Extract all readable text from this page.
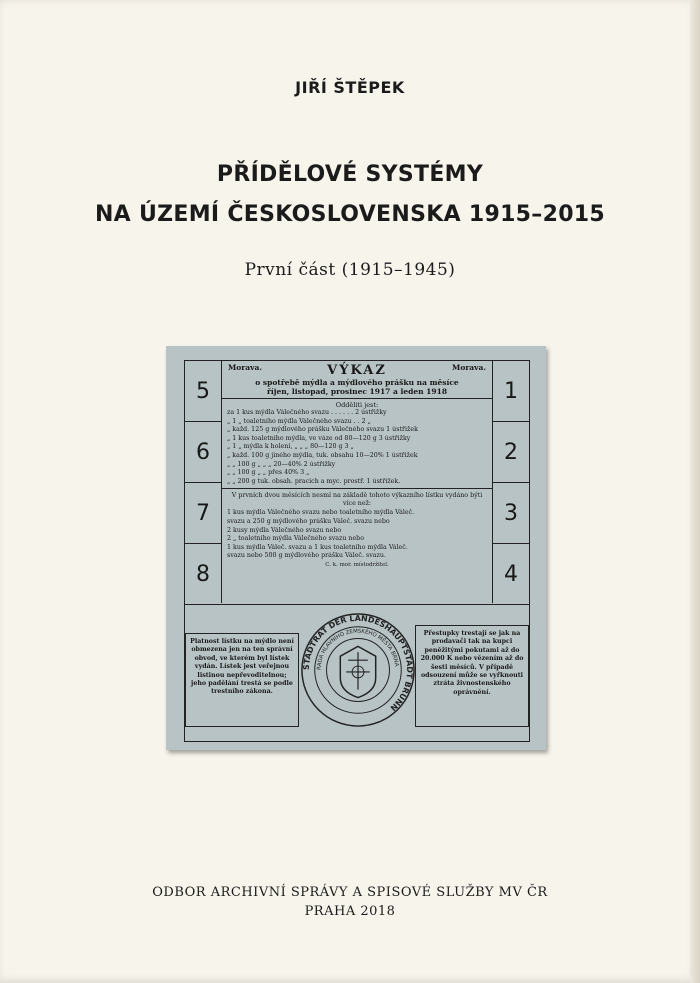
JIŘÍ ŠTĚPEK
PŘÍDĚLOVÉ SYSTÉMY
NA ÚZEMÍ ČESKOSLOVENSKA 1915–2015
První část (1915–1945)
5
6
7
8
Morava.	VÝKAZ	Morava.
o spotřebě mýdla a mýdlového prášku na měsíce
říjen, listopad, prosinec 1917 a leden 1918
Odděliti jest:
za 1 kus mýdla Válečného svazu . . . . . . 2 ústřižky
„ 1 „ toaletního mýdla Válečného svazu . . 2 „
„ každ. 125 g mýdlového prášku Válečného svazu 1 ústřižek
„ 1 kus toaletního mýdla, ve váze od 80—120 g 3 ústřižky
„ 1 „ mýdla k holení, „ „ „ 80—120 g 3 „
„ každ. 100 g jiného mýdla, tuk. obsahu 10—20% 1 ústřižek
„ „ 100 g „ „ „ 20—40% 2 ústřižky
„ „ 100 g „ „ přes 40% 3 „
„ „ 200 g tuk. obsah. pracích a myc. prostř. 1 ústřižek.
V prvních dvou měsících nesmí na základě tohoto výkazního lístku vydáno býti více než:
1 kus mýdla Válečného svazu nebo toaletního mýdla Váleč.
svazu a 250 g mýdlového prášku Váleč. svazu nebo
2 kusy mýdla Válečného svazu nebo
2 „ toaletního mýdla Válečného svazu nebo
1 kus mýdla Váleč. svazu a 1 kus toaletního mýdla Váleč.
svazu nebo 500 g mýdlového prášku Váleč. svazu.
C. k. mor. místodržitel.
1
2
3
4
Platnost lístku na mýdlo není obmezena jen na ten správní obvod, ve kterém byl lístek vydán. Lístek jest veřejnou listinou nepřevoditelnou; jeho padělání trestá se podle trestního zákona.
STADTRAT DER LANDESHAUPTSTADT BRÜNN
RADA HLAVNÍHO ZEMSKÉHO MĚSTA BRNA
Přestupky trestají se jak na prodavači tak na kupci peněžitými pokutami až do 20.000 K nebo vězením až do šesti měsíců. V případě odsouzení může se vyřknouti ztráta živnostenského oprávnění.
ODBOR ARCHIVNÍ SPRÁVY A SPISOVÉ SLUŽBY MV ČR
PRAHA 2018
